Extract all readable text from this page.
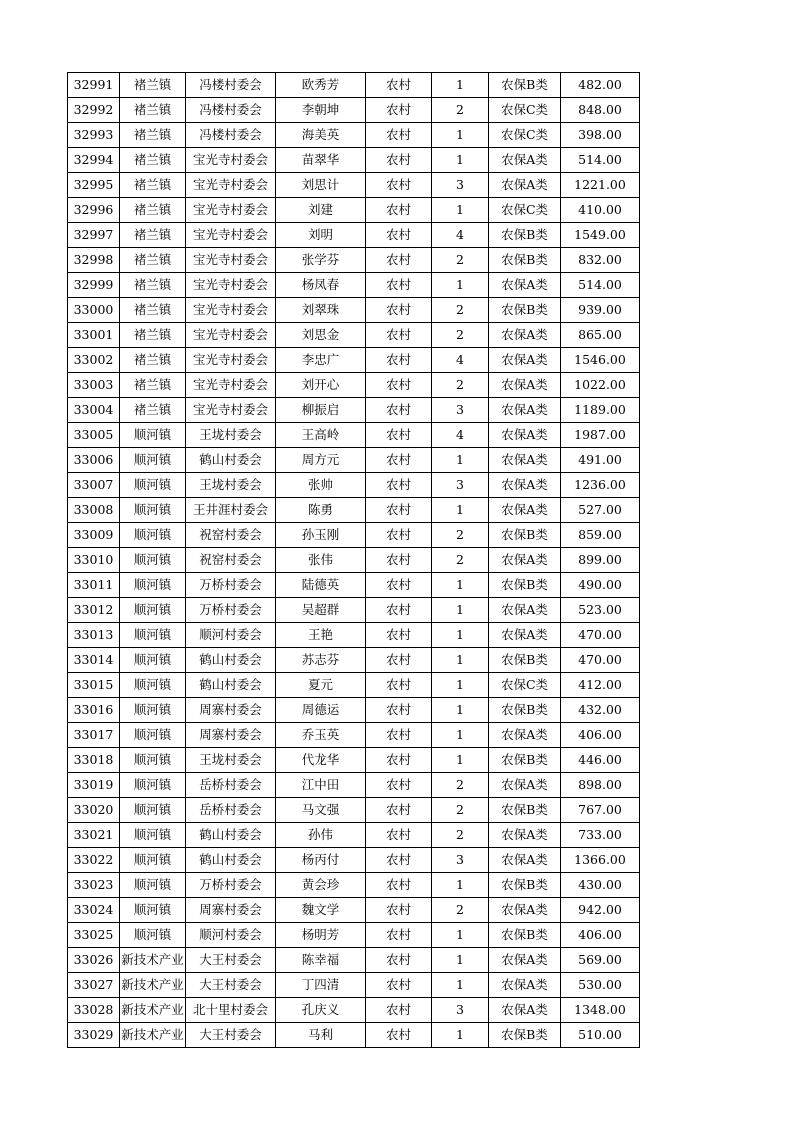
32991	褚兰镇	冯楼村委会	欧秀芳	农村	1	农保B类	482.00
32992	褚兰镇	冯楼村委会	李朝坤	农村	2	农保C类	848.00
32993	褚兰镇	冯楼村委会	海美英	农村	1	农保C类	398.00
32994	褚兰镇	宝光寺村委会	苗翠华	农村	1	农保A类	514.00
32995	褚兰镇	宝光寺村委会	刘思计	农村	3	农保A类	1221.00
32996	褚兰镇	宝光寺村委会	刘建	农村	1	农保C类	410.00
32997	褚兰镇	宝光寺村委会	刘明	农村	4	农保B类	1549.00
32998	褚兰镇	宝光寺村委会	张学芬	农村	2	农保B类	832.00
32999	褚兰镇	宝光寺村委会	杨凤春	农村	1	农保A类	514.00
33000	褚兰镇	宝光寺村委会	刘翠珠	农村	2	农保B类	939.00
33001	褚兰镇	宝光寺村委会	刘思金	农村	2	农保A类	865.00
33002	褚兰镇	宝光寺村委会	李忠广	农村	4	农保A类	1546.00
33003	褚兰镇	宝光寺村委会	刘开心	农村	2	农保A类	1022.00
33004	褚兰镇	宝光寺村委会	柳振启	农村	3	农保A类	1189.00
33005	顺河镇	王垅村委会	王高岭	农村	4	农保A类	1987.00
33006	顺河镇	鹤山村委会	周方元	农村	1	农保A类	491.00
33007	顺河镇	王垅村委会	张帅	农村	3	农保A类	1236.00
33008	顺河镇	王井涯村委会	陈勇	农村	1	农保A类	527.00
33009	顺河镇	祝窑村委会	孙玉刚	农村	2	农保B类	859.00
33010	顺河镇	祝窑村委会	张伟	农村	2	农保A类	899.00
33011	顺河镇	万桥村委会	陆德英	农村	1	农保B类	490.00
33012	顺河镇	万桥村委会	吴超群	农村	1	农保A类	523.00
33013	顺河镇	顺河村委会	王艳	农村	1	农保A类	470.00
33014	顺河镇	鹤山村委会	苏志芬	农村	1	农保B类	470.00
33015	顺河镇	鹤山村委会	夏元	农村	1	农保C类	412.00
33016	顺河镇	周寨村委会	周德运	农村	1	农保B类	432.00
33017	顺河镇	周寨村委会	乔玉英	农村	1	农保A类	406.00
33018	顺河镇	王垅村委会	代龙华	农村	1	农保B类	446.00
33019	顺河镇	岳桥村委会	江中田	农村	2	农保A类	898.00
33020	顺河镇	岳桥村委会	马文强	农村	2	农保B类	767.00
33021	顺河镇	鹤山村委会	孙伟	农村	2	农保A类	733.00
33022	顺河镇	鹤山村委会	杨丙付	农村	3	农保A类	1366.00
33023	顺河镇	万桥村委会	黄会珍	农村	1	农保B类	430.00
33024	顺河镇	周寨村委会	魏文学	农村	2	农保A类	942.00
33025	顺河镇	顺河村委会	杨明芳	农村	1	农保B类	406.00
33026	新技术产业	大王村委会	陈幸福	农村	1	农保A类	569.00
33027	新技术产业	大王村委会	丁四清	农村	1	农保A类	530.00
33028	新技术产业	北十里村委会	孔庆义	农村	3	农保A类	1348.00
33029	新技术产业	大王村委会	马利	农村	1	农保B类	510.00
